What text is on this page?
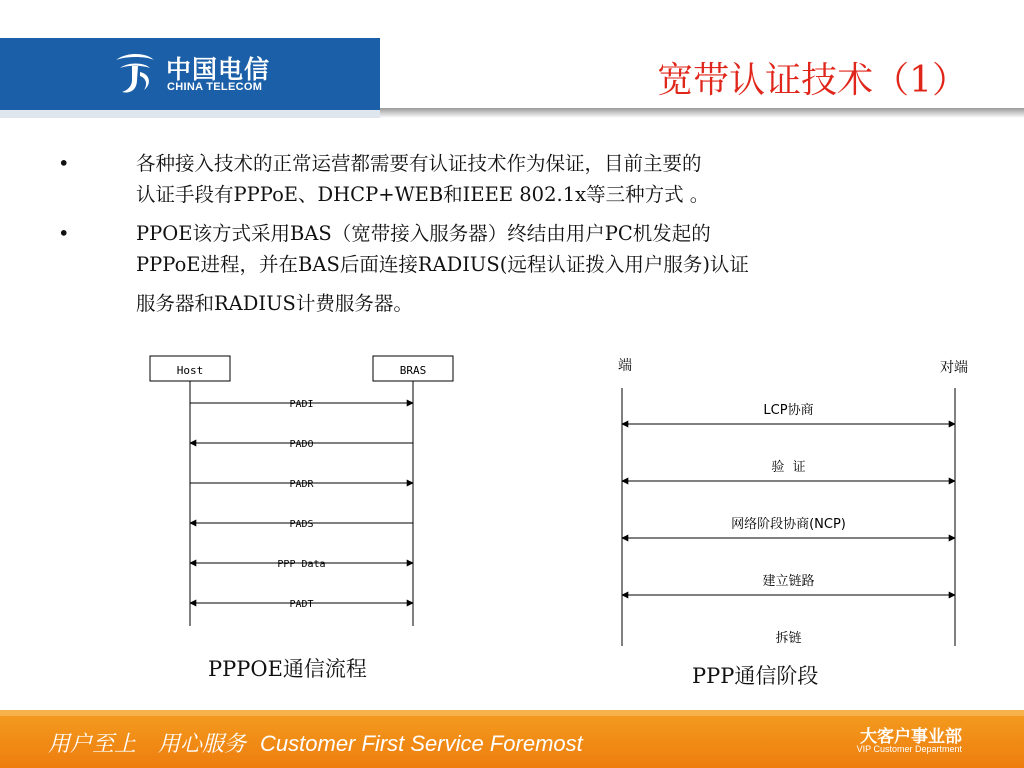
中国电信
CHINA TELECOM	宽带认证技术（1）
•	各种接入技术的正常运营都需要有认证技术作为保证，目前主要的
认证手段有PPPoE、DHCP+WEB和IEEE 802.1x等三种方式 。
•	PPOE该方式采用BAS（宽带接入服务器）终结由用户PC机发起的
PPPoE进程，并在BAS后面连接RADIUS(远程认证拨入用户服务)认证
服务器和RADIUS计费服务器。
Host	BRAS
PADI
PADO
PADR
PADS
PPP Data
PADT
PPPOE通信流程
端	对端
LCP协商
验  证
网络阶段协商(NCP)
建立链路
拆链
PPP通信阶段
用户至上　用心服务 Customer First Service Foremost	大客户事业部
VIP Customer Department
